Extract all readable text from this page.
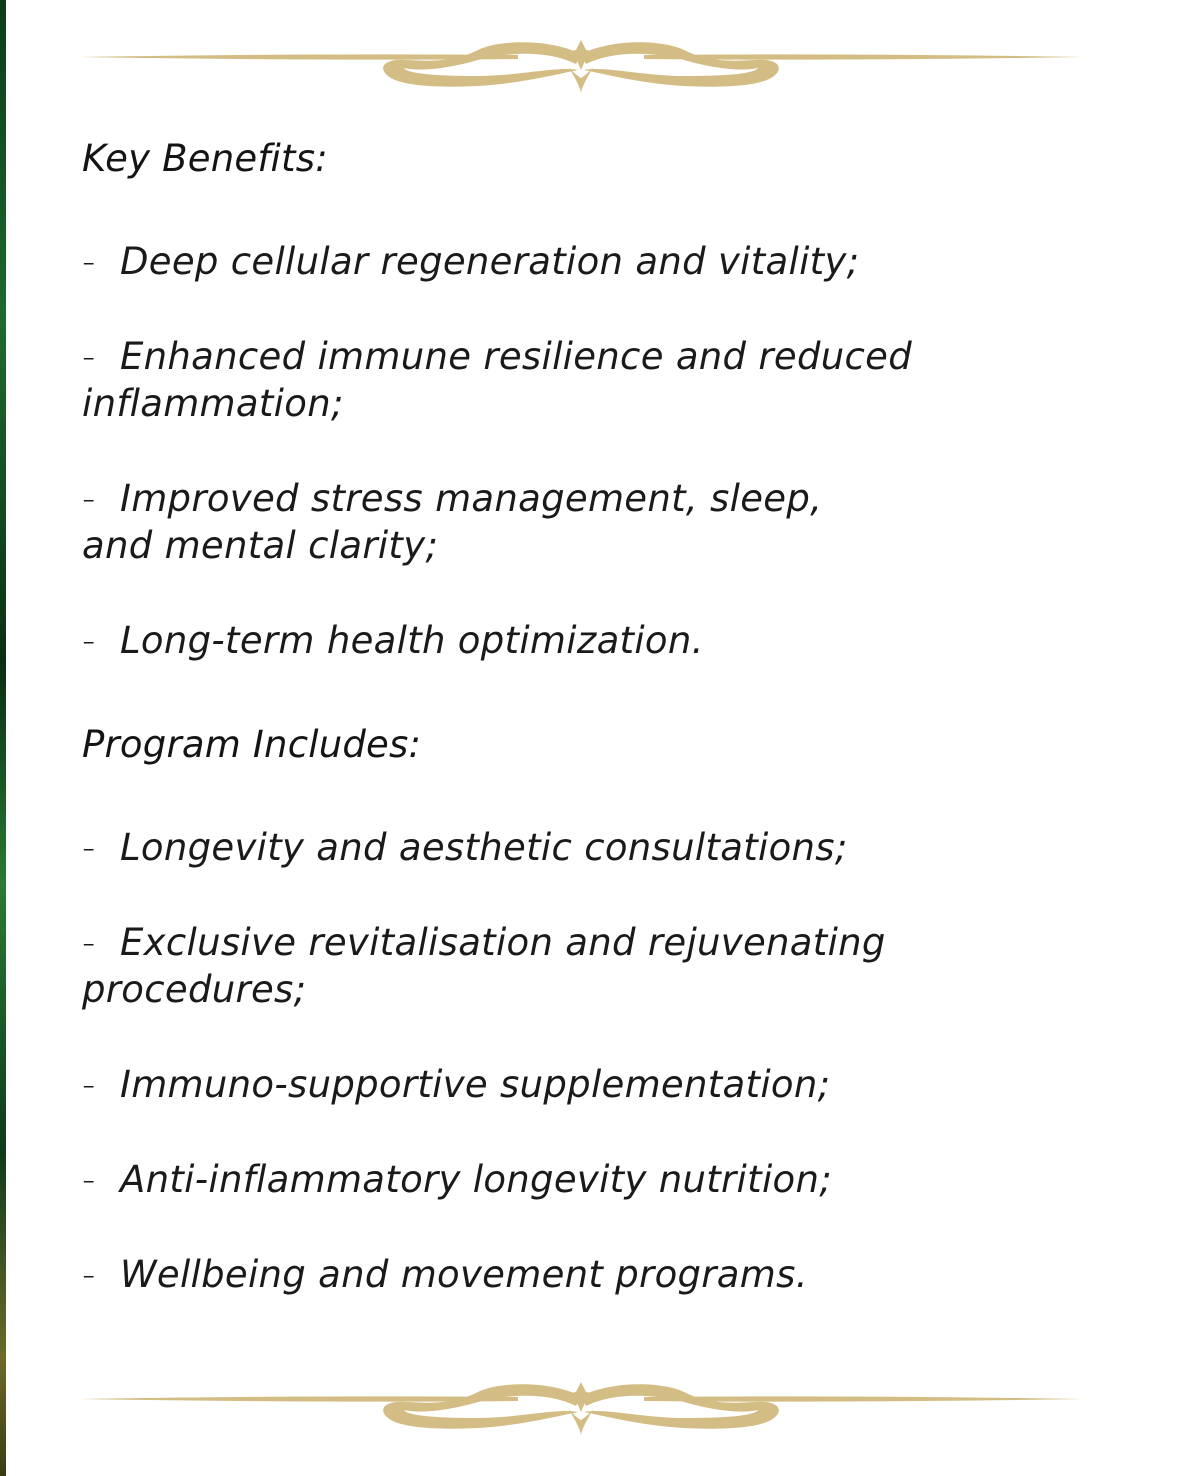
Key Benefits:
- Deep cellular regeneration and vitality;
- Enhanced immune resilience and reduced inflammation;
- Improved stress management, sleep, and mental clarity;
- Long-term health optimization.
Program Includes:
- Longevity and aesthetic consultations;
- Exclusive revitalisation and rejuvenating procedures;
- Immuno-supportive supplementation;
- Anti-inflammatory longevity nutrition;
- Wellbeing and movement programs.
